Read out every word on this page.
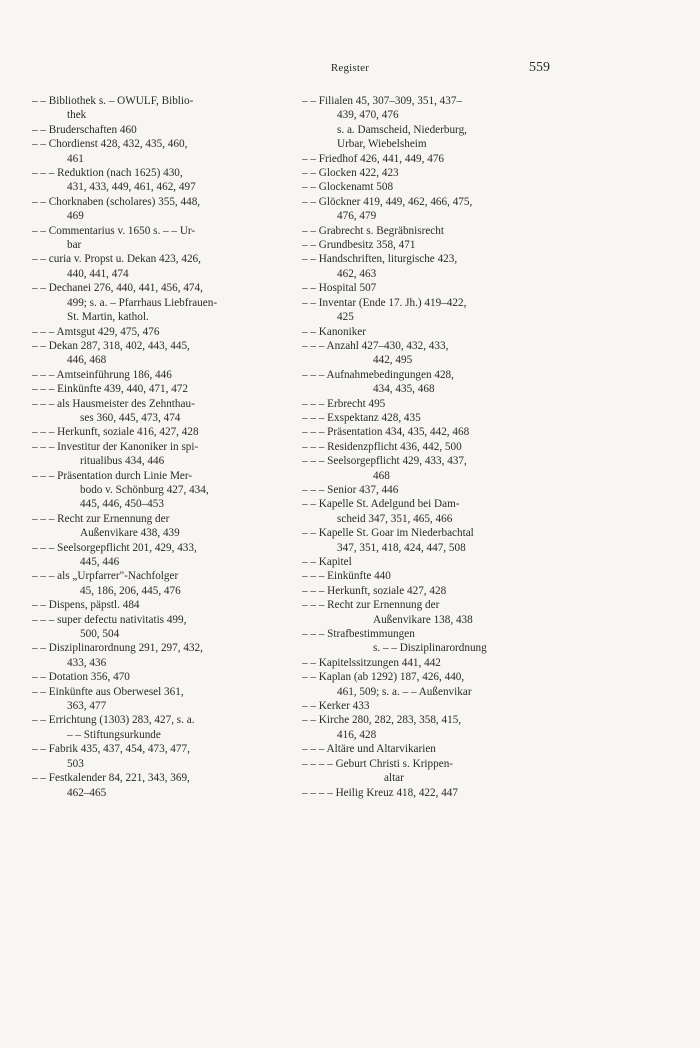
Register	559
– – Bibliothek s. – OWULF, Biblio-
thek
– – Bruderschaften 460
– – Chordienst 428, 432, 435, 460,
461
– – – Reduktion (nach 1625) 430,
431, 433, 449, 461, 462, 497
– – Chorknaben (scholares) 355, 448,
469
– – Commentarius v. 1650 s. – – Ur-
bar
– – curia v. Propst u. Dekan 423, 426,
440, 441, 474
– – Dechanei 276, 440, 441, 456, 474,
499; s. a. – Pfarrhaus Liebfrauen-
St. Martin, kathol.
– – – Amtsgut 429, 475, 476
– – Dekan 287, 318, 402, 443, 445,
446, 468
– – – Amtseinführung 186, 446
– – – Einkünfte 439, 440, 471, 472
– – – als Hausmeister des Zehnthau-
ses 360, 445, 473, 474
– – – Herkunft, soziale 416, 427, 428
– – – Investitur der Kanoniker in spi-
ritualibus 434, 446
– – – Präsentation durch Linie Mer-
bodo v. Schönburg 427, 434,
445, 446, 450–453
– – – Recht zur Ernennung der
Außenvikare 438, 439
– – – Seelsorgepflicht 201, 429, 433,
445, 446
– – – als „Urpfarrer"-Nachfolger
45, 186, 206, 445, 476
– – Dispens, päpstl. 484
– – – super defectu nativitatis 499,
500, 504
– – Disziplinarordnung 291, 297, 432,
433, 436
– – Dotation 356, 470
– – Einkünfte aus Oberwesel 361,
363, 477
– – Errichtung (1303) 283, 427, s. a.
– – Stiftungsurkunde
– – Fabrik 435, 437, 454, 473, 477,
503
– – Festkalender 84, 221, 343, 369,
462–465
– – Filialen 45, 307–309, 351, 437–
439, 470, 476
s. a. Damscheid, Niederburg,
Urbar, Wiebelsheim
– – Friedhof 426, 441, 449, 476
– – Glocken 422, 423
– – Glockenamt 508
– – Glöckner 419, 449, 462, 466, 475,
476, 479
– – Grabrecht s. Begräbnisrecht
– – Grundbesitz 358, 471
– – Handschriften, liturgische 423,
462, 463
– – Hospital 507
– – Inventar (Ende 17. Jh.) 419–422,
425
– – Kanoniker
– – – Anzahl 427–430, 432, 433,
442, 495
– – – Aufnahmebedingungen 428,
434, 435, 468
– – – Erbrecht 495
– – – Exspektanz 428, 435
– – – Präsentation 434, 435, 442, 468
– – – Residenzpflicht 436, 442, 500
– – – Seelsorgepflicht 429, 433, 437,
468
– – – Senior 437, 446
– – Kapelle St. Adelgund bei Dam-
scheid 347, 351, 465, 466
– – Kapelle St. Goar im Niederbachtal
347, 351, 418, 424, 447, 508
– – Kapitel
– – – Einkünfte 440
– – – Herkunft, soziale 427, 428
– – – Recht zur Ernennung der
Außenvikare 138, 438
– – – Strafbestimmungen
s. – – Disziplinarordnung
– – Kapitelssitzungen 441, 442
– – Kaplan (ab 1292) 187, 426, 440,
461, 509; s. a. – – Außenvikar
– – Kerker 433
– – Kirche 280, 282, 283, 358, 415,
416, 428
– – – Altäre und Altarvikarien
– – – – Geburt Christi s. Krippen-
altar
– – – – Heilig Kreuz 418, 422, 447
